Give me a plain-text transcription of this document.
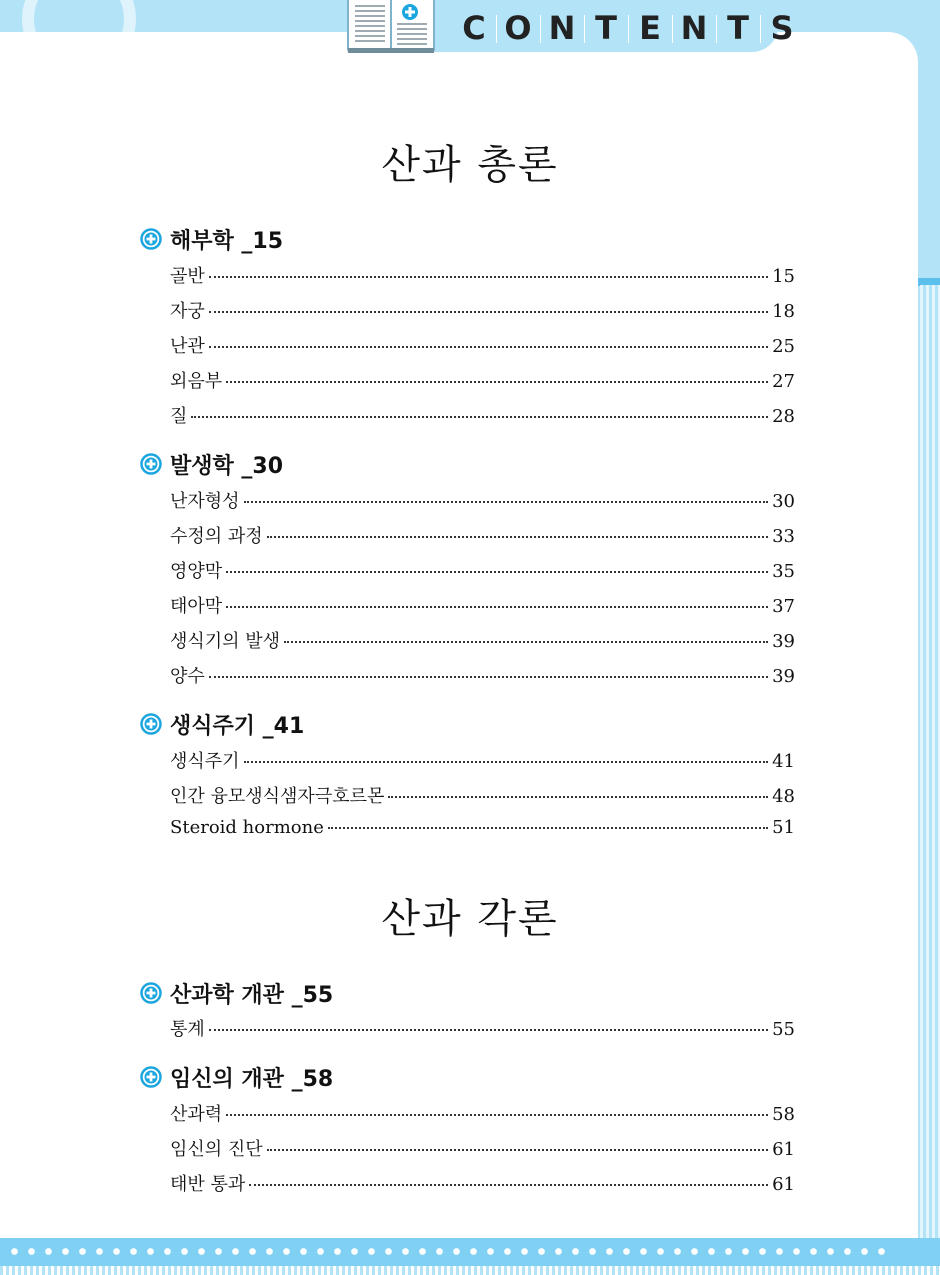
C O N T E N T S
산과 총론
해부학 _15
골반	15
자궁	18
난관	25
외음부	27
질	28
발생학 _30
난자형성	30
수정의 과정	33
영양막	35
태아막	37
생식기의 발생	39
양수	39
생식주기 _41
생식주기	41
인간 융모생식샘자극호르몬	48
Steroid hormone	51
산과 각론
산과학 개관 _55
통계	55
임신의 개관 _58
산과력	58
임신의 진단	61
태반 통과	61
